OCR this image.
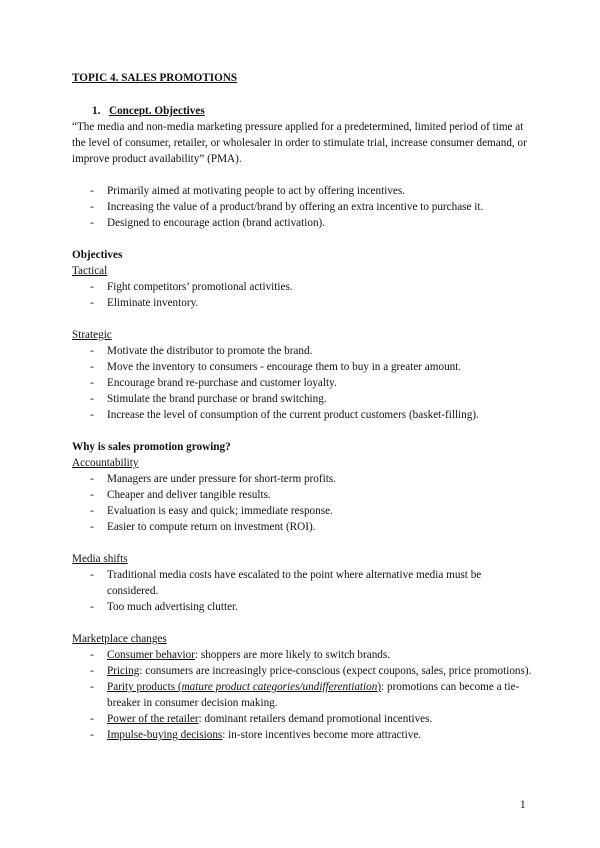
TOPIC 4. SALES PROMOTIONS

1. Concept. Objectives

“The media and non-media marketing pressure applied for a predetermined, limited period of time at the level of consumer, retailer, or wholesaler in order to stimulate trial, increase consumer demand, or improve product availability” (PMA).

- Primarily aimed at motivating people to act by offering incentives.
- Increasing the value of a product/brand by offering an extra incentive to purchase it.
- Designed to encourage action (brand activation).

Objectives

Tactical

- Fight competitors’ promotional activities.
- Eliminate inventory.

Strategic

- Motivate the distributor to promote the brand.
- Move the inventory to consumers - encourage them to buy in a greater amount.
- Encourage brand re-purchase and customer loyalty.
- Stimulate the brand purchase or brand switching.
- Increase the level of consumption of the current product customers (basket-filling).

Why is sales promotion growing?

Accountability

- Managers are under pressure for short-term profits.
- Cheaper and deliver tangible results.
- Evaluation is easy and quick; immediate response.
- Easier to compute return on investment (ROI).

Media shifts

- Traditional media costs have escalated to the point where alternative media must be considered.
- Too much advertising clutter.

Marketplace changes

- Consumer behavior: shoppers are more likely to switch brands.
- Pricing: consumers are increasingly price-conscious (expect coupons, sales, price promotions).
- Parity products (mature product categories/undifferentiation): promotions can become a tie-breaker in consumer decision making.
- Power of the retailer: dominant retailers demand promotional incentives.
- Impulse-buying decisions: in-store incentives become more attractive.
1
